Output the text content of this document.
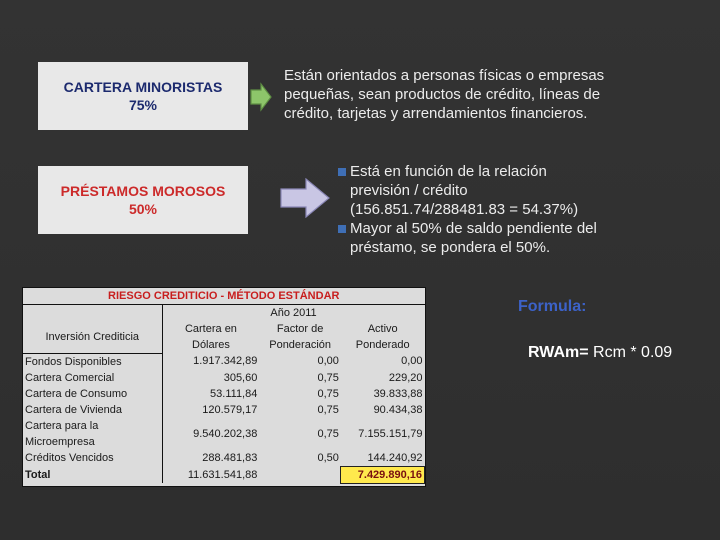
CARTERA MINORISTAS
75%
Están orientados a personas físicas o empresas pequeñas, sean productos de crédito, líneas de crédito, tarjetas y arrendamientos financieros.
PRÉSTAMOS MOROSOS
50%
Está en función de la relación previsión / crédito (156.851.74/288481.83 = 54.37%)
Mayor al 50% de saldo pendiente del préstamo, se pondera el 50%.
RIESGO CREDITICIO - MÉTODO ESTÁNDAR			
	Año 2011		
Inversión Crediticia	Cartera en	Factor de	Activo
	Dólares	Ponderación	Ponderado
Fondos Disponibles	1.917.342,89	0,00	0,00
Cartera Comercial	305,60	0,75	229,20
Cartera de Consumo	53.111,84	0,75	39.833,88
Cartera de Vivienda	120.579,17	0,75	90.434,38
Cartera para la Microempresa	9.540.202,38	0,75	7.155.151,79
Créditos Vencidos	288.481,83	0,50	144.240,92
Total	11.631.541,88		7.429.890,16
Formula:
RWAm= Rcm * 0.09
